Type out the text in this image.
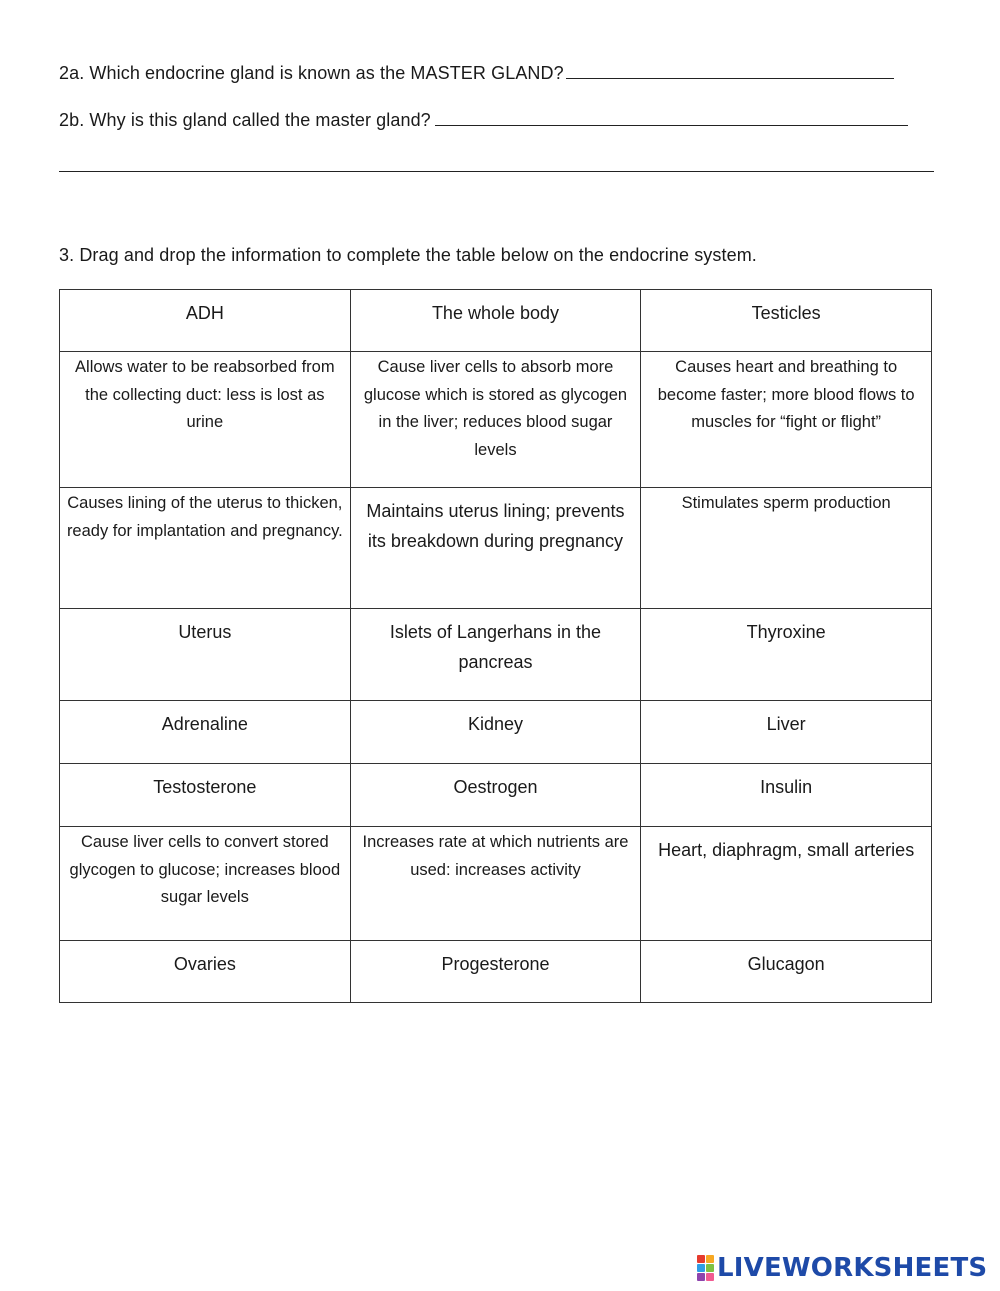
2a. Which endocrine gland is known as the MASTER GLAND?
2b. Why is this gland called the master gland?
3. Drag and drop the information to complete the table below on the endocrine system.
ADH	The whole body	Testicles
Allows water to be reabsorbed from the collecting duct: less is lost as urine	Cause liver cells to absorb more glucose which is stored as glycogen in the liver; reduces blood sugar levels	Causes heart and breathing to become faster; more blood flows to muscles for “fight or flight”
Causes lining of the uterus to thicken, ready for implantation and pregnancy.	Maintains uterus lining; prevents its breakdown during pregnancy	Stimulates sperm production
Uterus	Islets of Langerhans in the pancreas	Thyroxine
Adrenaline	Kidney	Liver
Testosterone	Oestrogen	Insulin
Cause liver cells to convert stored glycogen to glucose; increases blood sugar levels	Increases rate at which nutrients are used: increases activity	Heart, diaphragm, small arteries
Ovaries	Progesterone	Glucagon
LIVEWORKSHEETS
